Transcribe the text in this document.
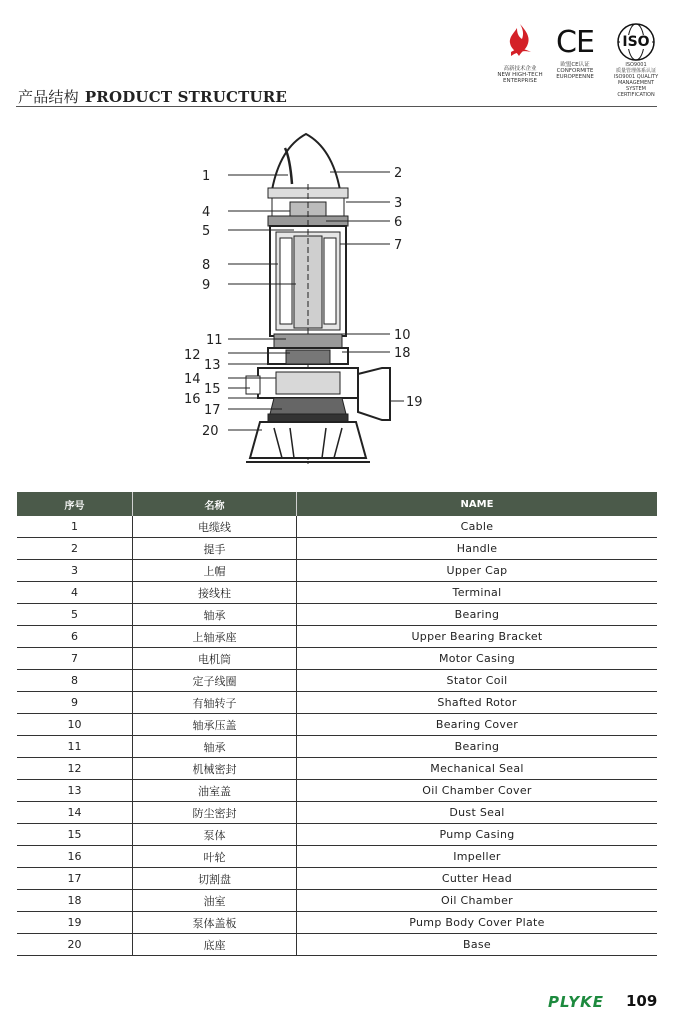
高新技术企业
NEW HIGH-TECH
ENTERPRISE
CE
欧盟CE认证
CONFORMITE
EUROPEENNE
ISO
ISO9001
质量管理体系认证
ISO9001 QUALITY MANAGEMENT
SYSTEM CERTIFICATION
产品结构 PRODUCT STRUCTURE
1	2
3
4
5
6
7
8
9
10
11
12
13
14
15
16
17
18
19
20
序号	名称	NAME
1	电缆线	Cable
2	提手	Handle
3	上帽	Upper Cap
4	接线柱	Terminal
5	轴承	Bearing
6	上轴承座	Upper Bearing Bracket
7	电机筒	Motor Casing
8	定子线圈	Stator Coil
9	有轴转子	Shafted Rotor
10	轴承压盖	Bearing Cover
11	轴承	Bearing
12	机械密封	Mechanical Seal
13	油室盖	Oil Chamber Cover
14	防尘密封	Dust Seal
15	泵体	Pump Casing
16	叶轮	Impeller
17	切割盘	Cutter Head
18	油室	Oil Chamber
19	泵体盖板	Pump Body Cover Plate
20	底座	Base
PLYKE 109
